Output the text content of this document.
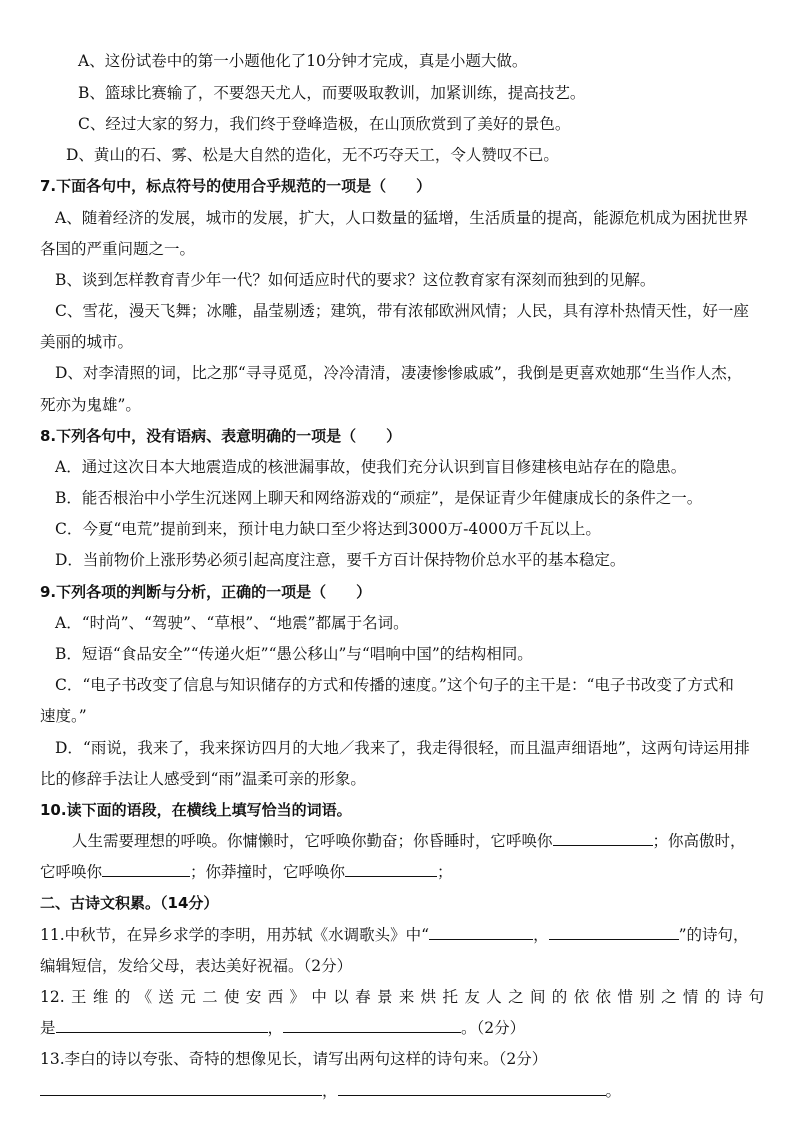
A、这份试卷中的第一小题他化了10分钟才完成，真是小题大做。
B、篮球比赛输了，不要怨天尤人，而要吸取教训，加紧训练，提高技艺。
C、经过大家的努力，我们终于登峰造极，在山顶欣赏到了美好的景色。
D、黄山的石、雾、松是大自然的造化，无不巧夺天工，令人赞叹不已。
7.下面各句中，标点符号的使用合乎规范的一项是（　　）
A、随着经济的发展，城市的发展，扩大，人口数量的猛增，生活质量的提高，能源危机成为困扰世界
各国的严重问题之一。
B、谈到怎样教育青少年一代？如何适应时代的要求？这位教育家有深刻而独到的见解。
C、雪花，漫天飞舞；冰雕，晶莹剔透；建筑，带有浓郁欧洲风情；人民，具有淳朴热情天性，好一座
美丽的城市。
D、对李清照的词，比之那“寻寻觅觅，冷冷清清，凄凄惨惨戚戚”，我倒是更喜欢她那“生当作人杰，
死亦为鬼雄”。
8.下列各句中，没有语病、表意明确的一项是（　　）
A．通过这次日本大地震造成的核泄漏事故，使我们充分认识到盲目修建核电站存在的隐患。
B．能否根治中小学生沉迷网上聊天和网络游戏的“顽症”，是保证青少年健康成长的条件之一。
C．今夏“电荒”提前到来，预计电力缺口至少将达到3000万-4000万千瓦以上。
D．当前物价上涨形势必须引起高度注意，要千方百计保持物价总水平的基本稳定。
9.下列各项的判断与分析，正确的一项是（　　）
A．“时尚”、“驾驶”、“草根”、“地震”都属于名词。
B．短语“食品安全”“传递火炬”“愚公移山”与“唱响中国”的结构相同。
C．“电子书改变了信息与知识储存的方式和传播的速度。”这个句子的主干是：“电子书改变了方式和
速度。”
D．“雨说，我来了，我来探访四月的大地／我来了，我走得很轻，而且温声细语地”，这两句诗运用排
比的修辞手法让人感受到“雨”温柔可亲的形象。
10.读下面的语段，在横线上填写恰当的词语。
人生需要理想的呼唤。你慵懒时，它呼唤你勤奋；你昏睡时，它呼唤你	；你高傲时，
它呼唤你	；你莽撞时，它呼唤你	；
二、古诗文积累。（14分）
11.中秋节，在异乡求学的李明，用苏轼《水调歌头》中“	，	”的诗句，
编辑短信，发给父母，表达美好祝福。（2分）
12.王维的《送元二使安西》中以春景来烘托友人之间的依依惜别之情的诗句
是	，	。（2分）
13.李白的诗以夸张、奇特的想像见长，请写出两句这样的诗句来。（2分）
，	。
